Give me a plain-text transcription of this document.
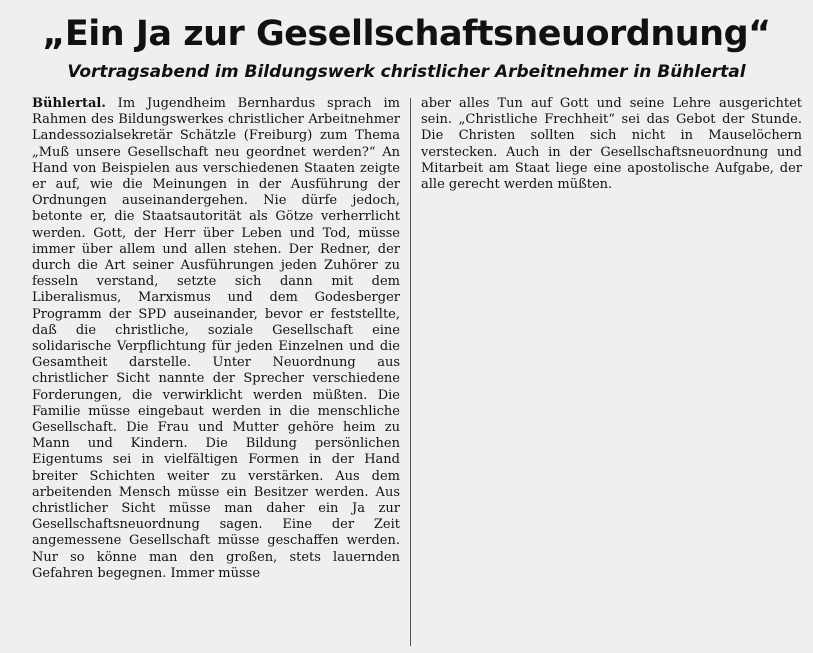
„Ein Ja zur Gesellschaftsneuordnung“
Vortragsabend im Bildungswerk christlicher Arbeitnehmer in Bühlertal

Bühlertal. Im Jugendheim Bernhardus sprach im Rahmen des Bildungswerkes christlicher Arbeitnehmer Landessozialsekretär Schätzle (Freiburg) zum Thema „Muß unsere Gesellschaft neu geordnet werden?“ An Hand von Beispielen aus verschiedenen Staaten zeigte er auf, wie die Meinungen in der Ausführung der Ordnungen auseinandergehen. Nie dürfe jedoch, betonte er, die Staatsautorität als Götze verherrlicht werden. Gott, der Herr über Leben und Tod, müsse immer über allem und allen stehen. Der Redner, der durch die Art seiner Ausführungen jeden Zuhörer zu fesseln verstand, setzte sich dann mit dem Liberalismus, Marxismus und dem Godesberger Programm der SPD auseinander, bevor er feststellte, daß die christliche, soziale Gesellschaft eine solidarische Verpflichtung für jeden Einzelnen und die Gesamtheit darstelle. Unter Neuordnung aus christlicher Sicht nannte der Sprecher verschiedene Forderungen, die verwirklicht werden müßten. Die Familie müsse eingebaut werden in die menschliche Gesellschaft. Die Frau und Mutter gehöre heim zu Mann und Kindern. Die Bildung persönlichen Eigentums sei in vielfältigen Formen in der Hand breiter Schichten weiter zu verstärken. Aus dem arbeitenden Mensch müsse ein Besitzer werden. Aus christlicher Sicht müsse man daher ein Ja zur Gesellschaftsneuordnung sagen. Eine der Zeit angemessene Gesellschaft müsse geschaffen werden. Nur so könne man den großen, stets lauernden Gefahren begegnen. Immer müsse

aber alles Tun auf Gott und seine Lehre ausgerichtet sein. „Christliche Frechheit“ sei das Gebot der Stunde. Die Christen sollten sich nicht in Mauselöchern verstecken. Auch in der Gesellschaftsneuordnung und Mitarbeit am Staat liege eine apostolische Aufgabe, der alle gerecht werden müßten.
